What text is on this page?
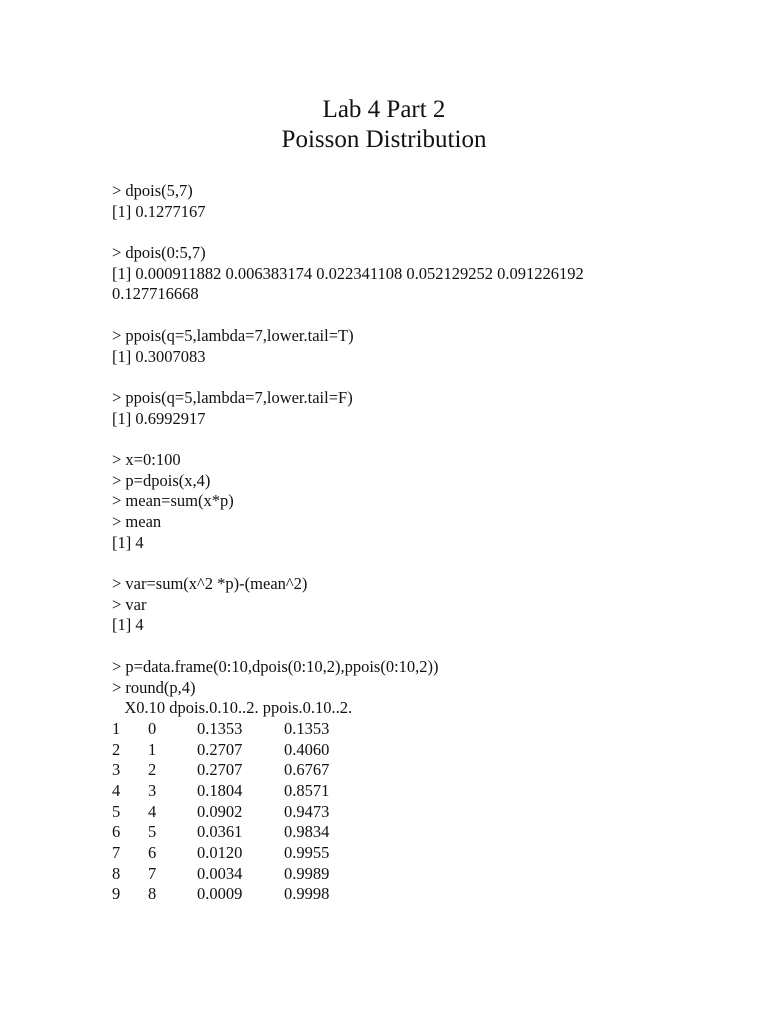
Lab 4 Part 2
Poisson Distribution
> dpois(5,7)
[1] 0.1277167
> dpois(0:5,7)
[1] 0.000911882 0.006383174 0.022341108 0.052129252 0.091226192
0.127716668
> ppois(q=5,lambda=7,lower.tail=T)
[1] 0.3007083
> ppois(q=5,lambda=7,lower.tail=F)
[1] 0.6992917
> x=0:100
> p=dpois(x,4)
> mean=sum(x*p)
> mean
[1] 4
> var=sum(x^2 *p)-(mean^2)
> var
[1] 4
> p=data.frame(0:10,dpois(0:10,2),ppois(0:10,2))
> round(p,4)
X0.10 dpois.0.10..2. ppois.0.10..2.
1 0 0.1353	0.1353
2 1 0.2707	0.4060
3 2 0.2707	0.6767
4 3 0.1804	0.8571
5 4 0.0902	0.9473
6 5 0.0361	0.9834
7 6 0.0120	0.9955
8 7 0.0034	0.9989
9 8 0.0009	0.9998
